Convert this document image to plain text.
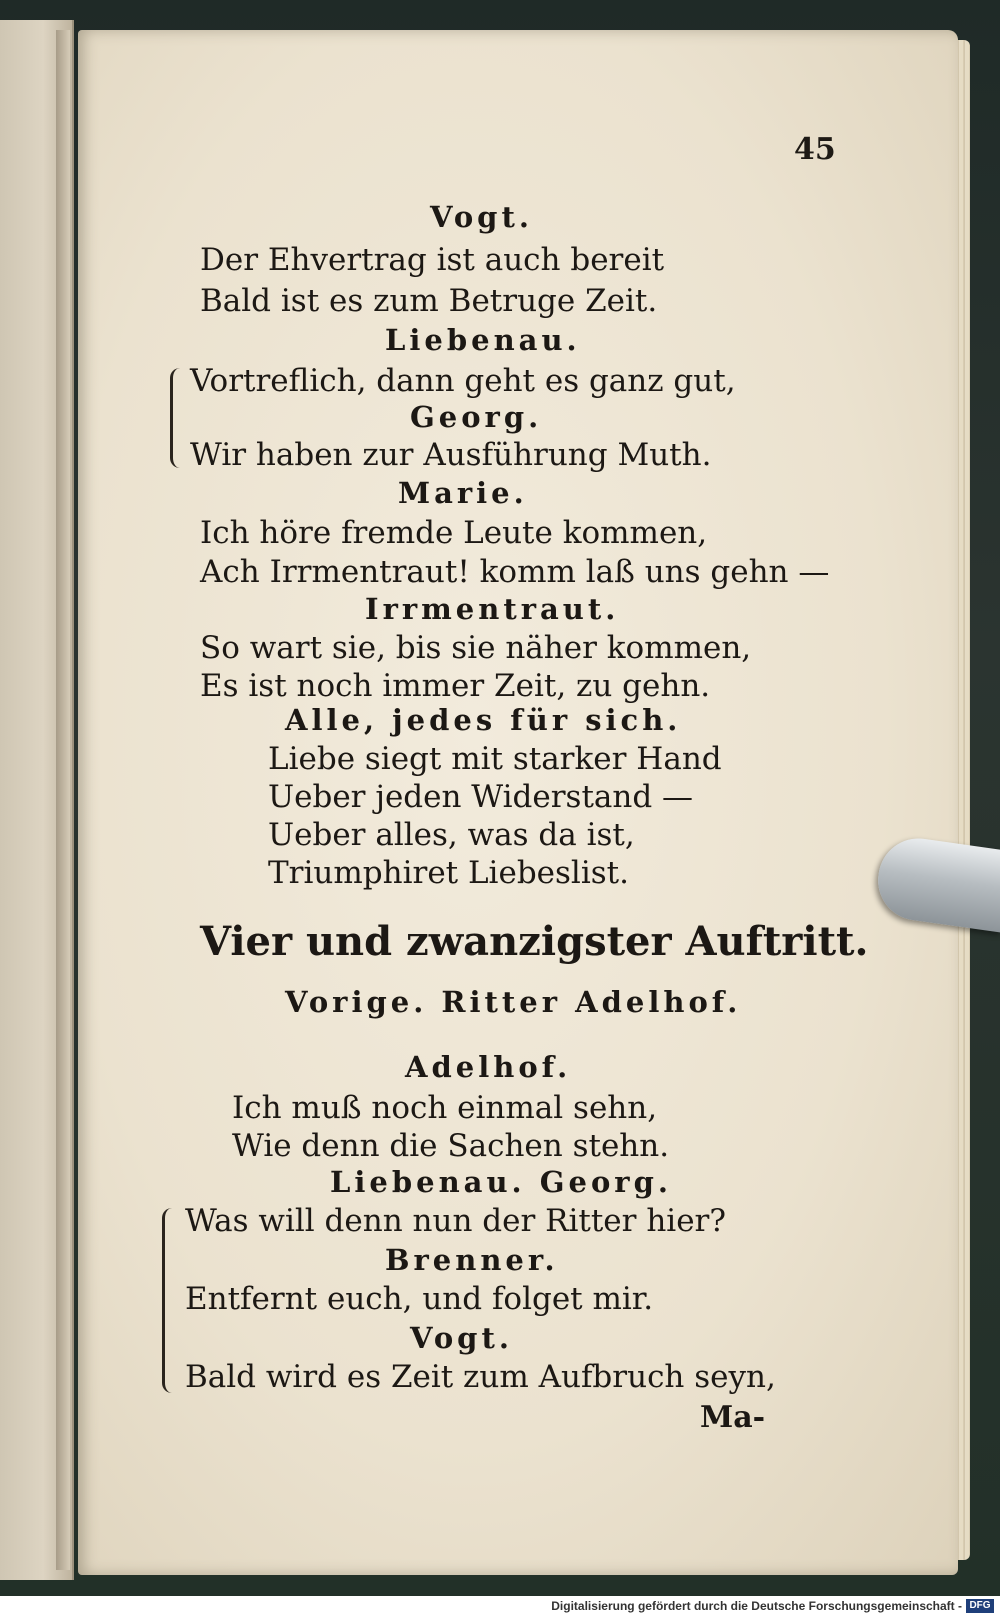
45
Vogt.
Der Ehvertrag ist auch bereit
Bald ist es zum Betruge Zeit.
Liebenau.
Vortreflich, dann geht es ganz gut,
Georg.
Wir haben zur Ausführung Muth.
Marie.
Ich höre fremde Leute kommen,
Ach Irrmentraut! komm laß uns gehn —
Irrmentraut.
So wart sie, bis sie näher kommen,
Es ist noch immer Zeit, zu gehn.
Alle, jedes für sich.
Liebe siegt mit starker Hand
Ueber jeden Widerstand —
Ueber alles, was da ist,
Triumphiret Liebeslist.
Vier und zwanzigster Auftritt.
Vorige. Ritter Adelhof.
Adelhof.
Ich muß noch einmal sehn,
Wie denn die Sachen stehn.
Liebenau. Georg.
Was will denn nun der Ritter hier?
Brenner.
Entfernt euch, und folget mir.
Vogt.
Bald wird es Zeit zum Aufbruch seyn,
Ma-
Digitalisierung gefördert durch die Deutsche Forschungsgemeinschaft - DFG
